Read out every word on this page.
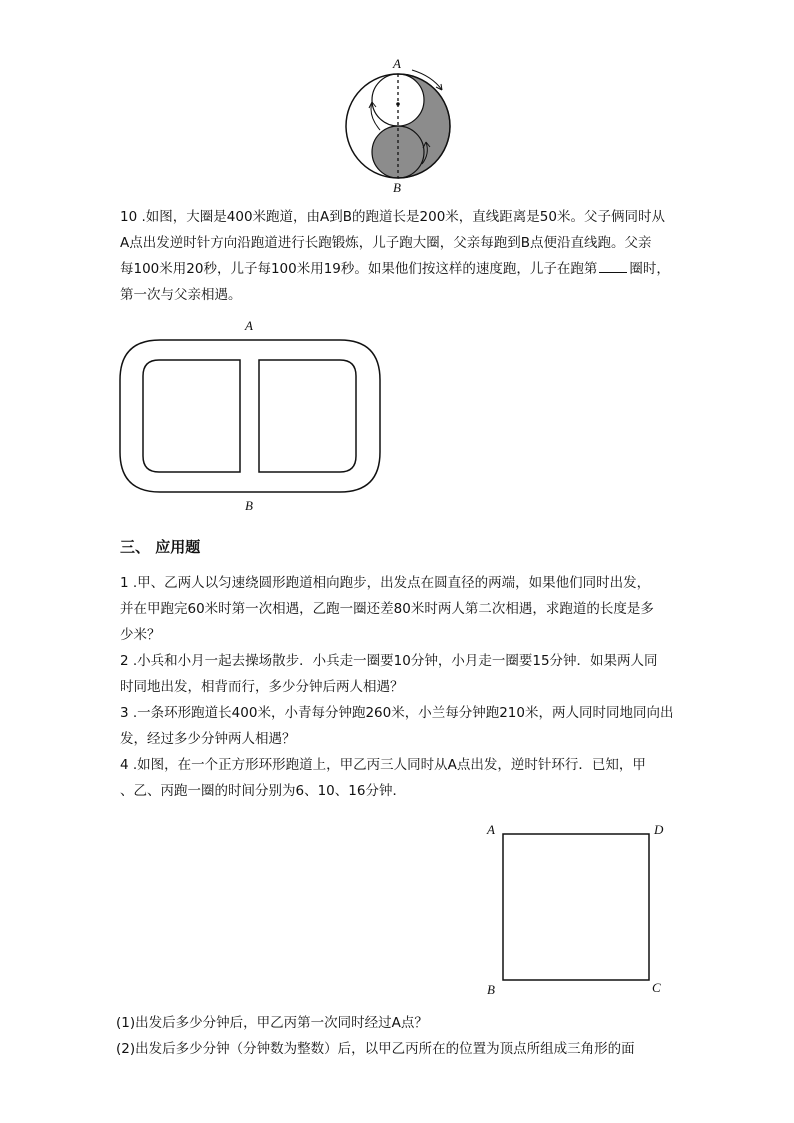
A
B

10 .如图，大圈是400米跑道，由A到B的跑道长是200米，直线距离是50米。父子俩同时从

A点出发逆时针方向沿跑道进行长跑锻炼，儿子跑大圈，父亲每跑到B点便沿直线跑。父亲

每100米用20秒，儿子每100米用19秒。如果他们按这样的速度跑，儿子在跑第 圈时，

第一次与父亲相遇。

A
B
三、 应用题

1 .甲、乙两人以匀速绕圆形跑道相向跑步，出发点在圆直径的两端，如果他们同时出发，

并在甲跑完60米时第一次相遇，乙跑一圈还差80米时两人第二次相遇，求跑道的长度是多

少米？

2 .小兵和小月一起去操场散步．小兵走一圈要10分钟，小月走一圈要15分钟．如果两人同

时同地出发，相背而行，多少分钟后两人相遇？

3 .一条环形跑道长400米，小青每分钟跑260米，小兰每分钟跑210米，两人同时同地同向出

发，经过多少分钟两人相遇？

4 .如图，在一个正方形环形跑道上，甲乙丙三人同时从A点出发，逆时针环行．已知，甲

、乙、丙跑一圈的时间分别为6、10、16分钟．

A	D
B	C

(1)出发后多少分钟后，甲乙丙第一次同时经过A点？

(2)出发后多少分钟（分钟数为整数）后，以甲乙丙所在的位置为顶点所组成三角形的面
